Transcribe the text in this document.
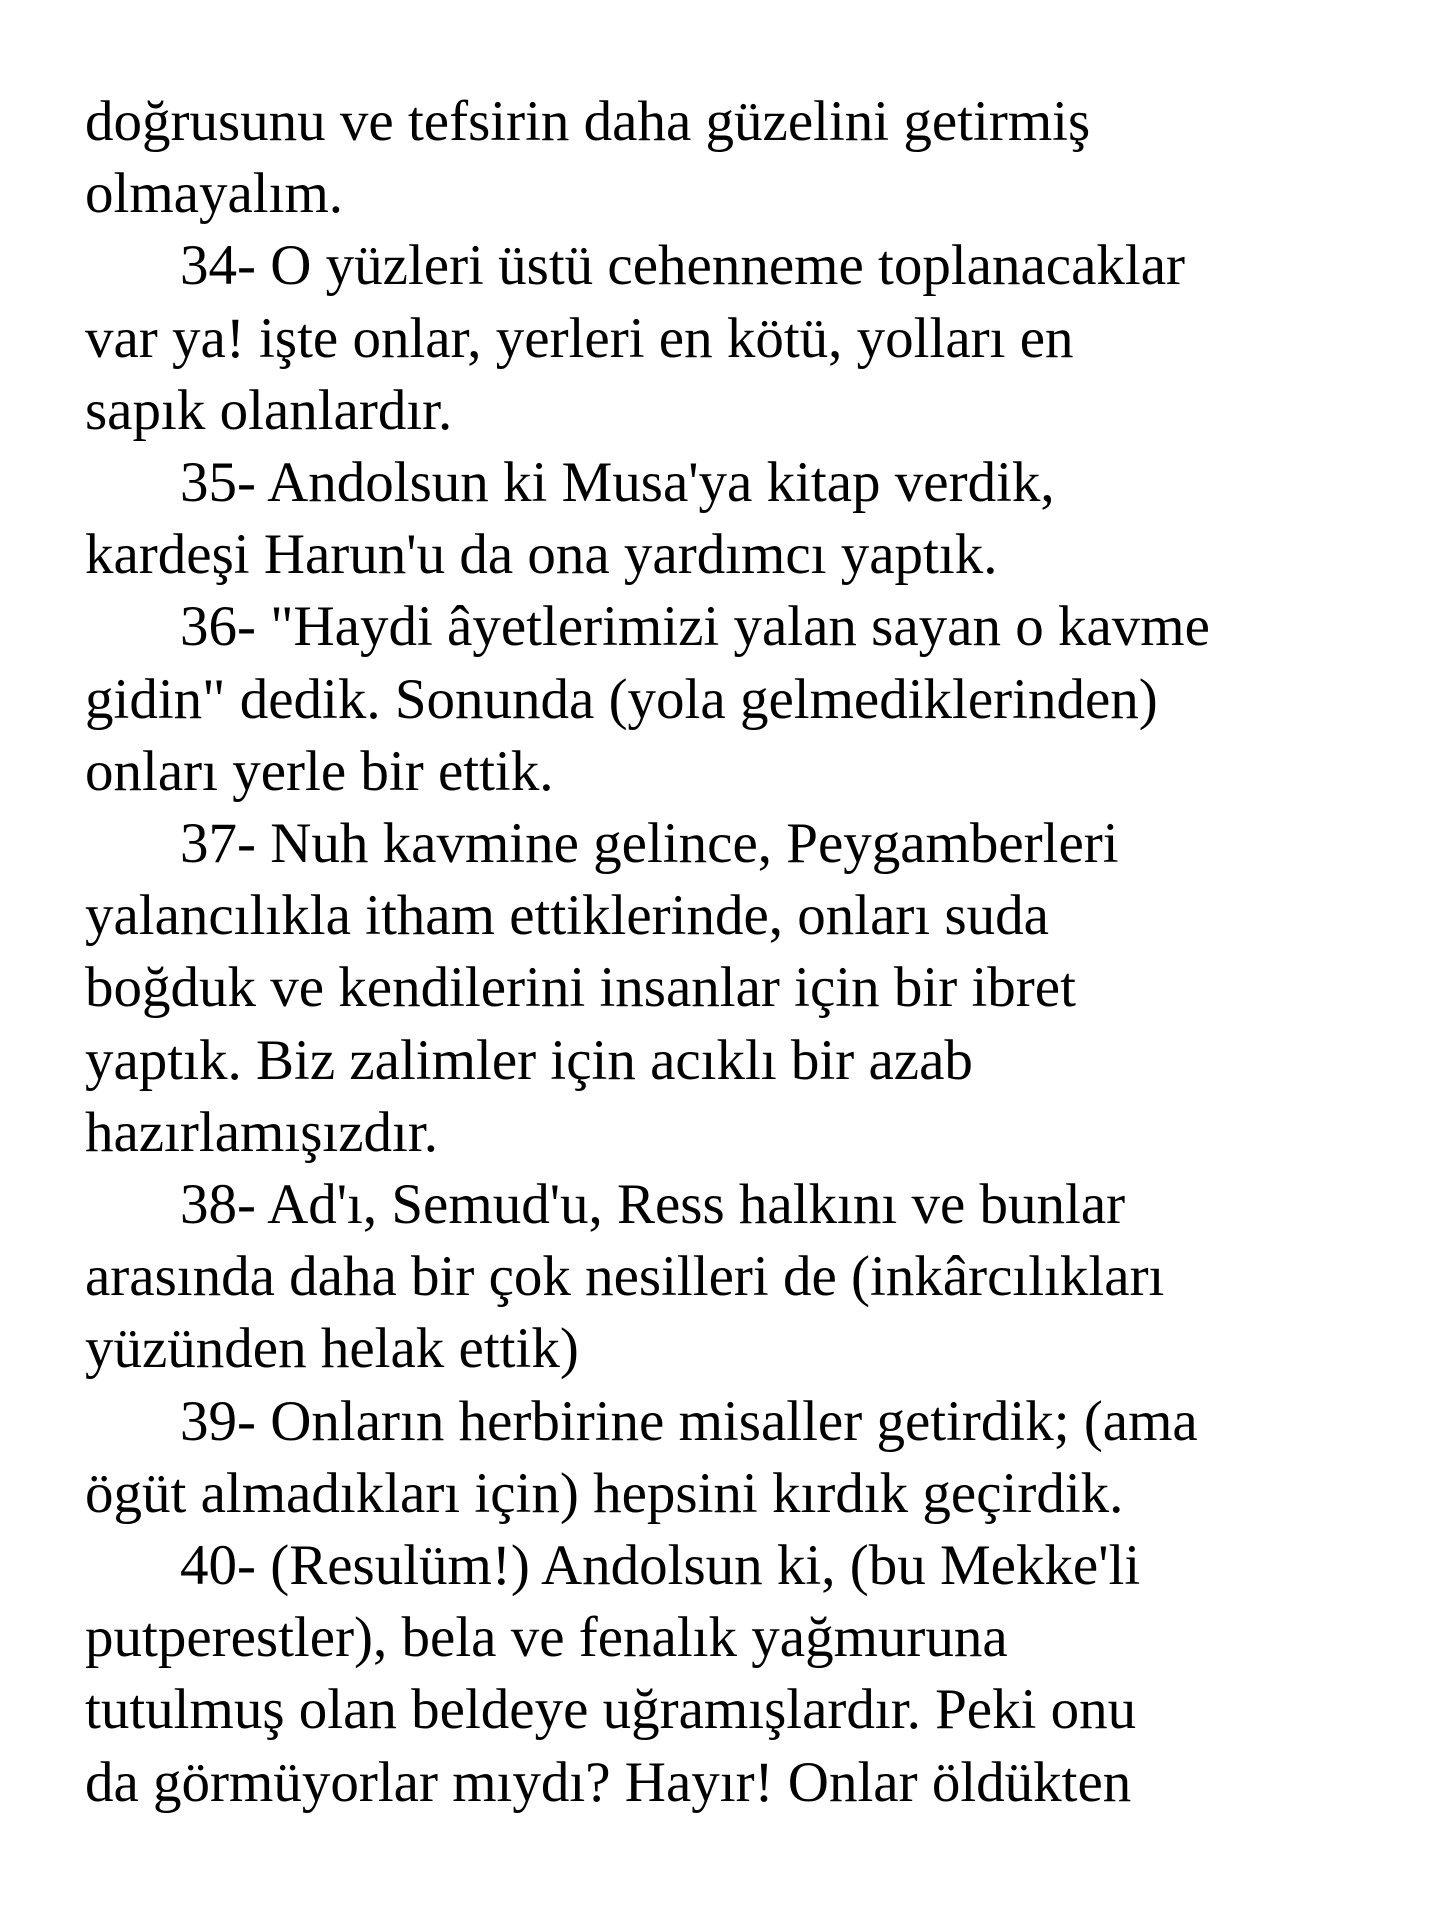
doğrusunu ve tefsirin daha güzelini getirmiş
olmayalım.

34- O yüzleri üstü cehenneme toplanacaklar
var ya! işte onlar, yerleri en kötü, yolları en
sapık olanlardır.

35- Andolsun ki Musa'ya kitap verdik,
kardeşi Harun'u da ona yardımcı yaptık.

36- "Haydi âyetlerimizi yalan sayan o kavme
gidin" dedik. Sonunda (yola gelmediklerinden)
onları yerle bir ettik.

37- Nuh kavmine gelince, Peygamberleri
yalancılıkla itham ettiklerinde, onları suda
boğduk ve kendilerini insanlar için bir ibret
yaptık. Biz zalimler için acıklı bir azab
hazırlamışızdır.

38- Ad'ı, Semud'u, Ress halkını ve bunlar
arasında daha bir çok nesilleri de (inkârcılıkları
yüzünden helak ettik)

39- Onların herbirine misaller getirdik; (ama
ögüt almadıkları için) hepsini kırdık geçirdik.

40- (Resulüm!) Andolsun ki, (bu Mekke'li
putperestler), bela ve fenalık yağmuruna
tutulmuş olan beldeye uğramışlardır. Peki onu
da görmüyorlar mıydı? Hayır! Onlar öldükten
